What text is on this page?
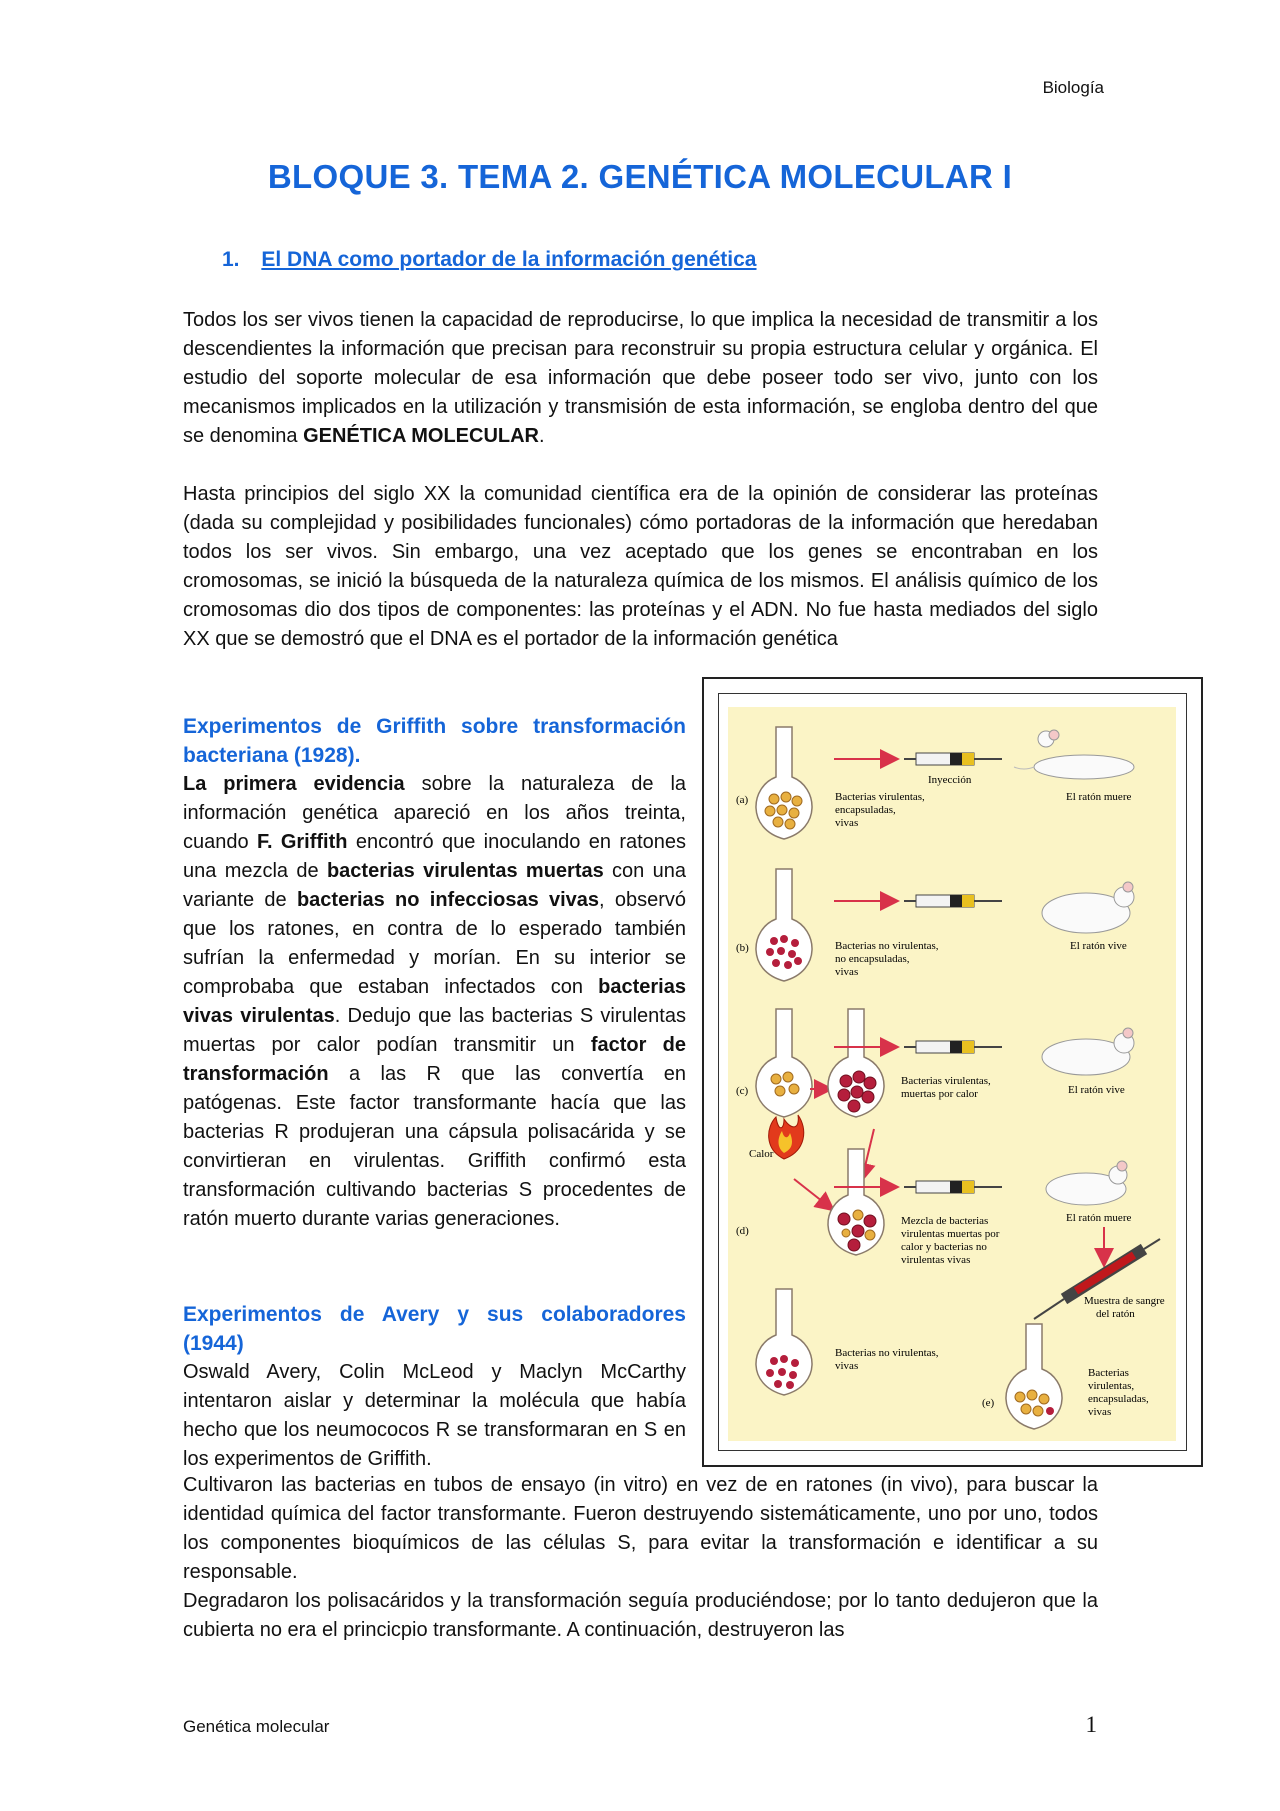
Biología
BLOQUE 3. TEMA 2. GENÉTICA MOLECULAR I
1. El DNA como portador de la información genética

Todos los ser vivos tienen la capacidad de reproducirse, lo que implica la necesidad de transmitir a los descendientes la información que precisan para reconstruir su propia estructura celular y orgánica. El estudio del soporte molecular de esa información que debe poseer todo ser vivo, junto con los mecanismos implicados en la utilización y transmisión de esta información, se engloba dentro del que se denomina GENÉTICA MOLECULAR.

Hasta principios del siglo XX la comunidad científica era de la opinión de considerar las proteínas (dada su complejidad y posibilidades funcionales) cómo portadoras de la información que heredaban todos los ser vivos. Sin embargo, una vez aceptado que los genes se encontraban en los cromosomas, se inició la búsqueda de la naturaleza química de los mismos. El análisis químico de los cromosomas dio dos tipos de componentes: las proteínas y el ADN. No fue hasta mediados del siglo XX que se demostró que el DNA es el portador de la información genética

Experimentos de Griffith sobre transformación bacteriana (1928).

La primera evidencia sobre la naturaleza de la información genética apareció en los años treinta, cuando F. Griffith encontró que inoculando en ratones una mezcla de bacterias virulentas muertas con una variante de bacterias no infecciosas vivas, observó que los ratones, en contra de lo esperado también sufrían la enfermedad y morían. En su interior se comprobaba que estaban infectados con bacterias vivas virulentas. Dedujo que las bacterias S virulentas muertas por calor podían transmitir un factor de transformación a las R que las convertía en patógenas. Este factor transformante hacía que las bacterias R produjeran una cápsula polisacárida y se convirtieran en virulentas. Griffith confirmó esta transformación cultivando bacterias S procedentes de ratón muerto durante varias generaciones.

Experimentos de Avery y sus colaboradores (1944)

Oswald Avery, Colin McLeod y Maclyn McCarthy intentaron aislar y determinar la molécula que había hecho que los neumococos R se transformaran en S en los experimentos de Griffith.

Cultivaron las bacterias en tubos de ensayo (in vitro) en vez de en ratones (in vivo), para buscar la identidad química del factor transformante. Fueron destruyendo sistemáticamente, uno por uno, todos los componentes bioquímicos de las células S, para evitar la transformación e identificar a su responsable.

Degradaron los polisacáridos y la transformación seguía produciéndose; por lo tanto dedujeron que la cubierta no era el princicpio transformante. A continuación, destruyeron las

(a)
Inyección
Bacterias virulentas,
encapsuladas,
vivas
El ratón muere
(b)	Bacterias no virulentas,
no encapsuladas,
vivas
El ratón vive
(c)
Calor
Bacterias virulentas,
muertas por calor	El ratón vive
(d)
Mezcla de bacterias
virulentas muertas por
calor y bacterias no
virulentas vivas
El ratón muere
Muestra de sangre
del ratón
Bacterias no virulentas,
vivas
(e)
Bacterias
virulentas,
encapsuladas,
vivas
Genética molecular	1
